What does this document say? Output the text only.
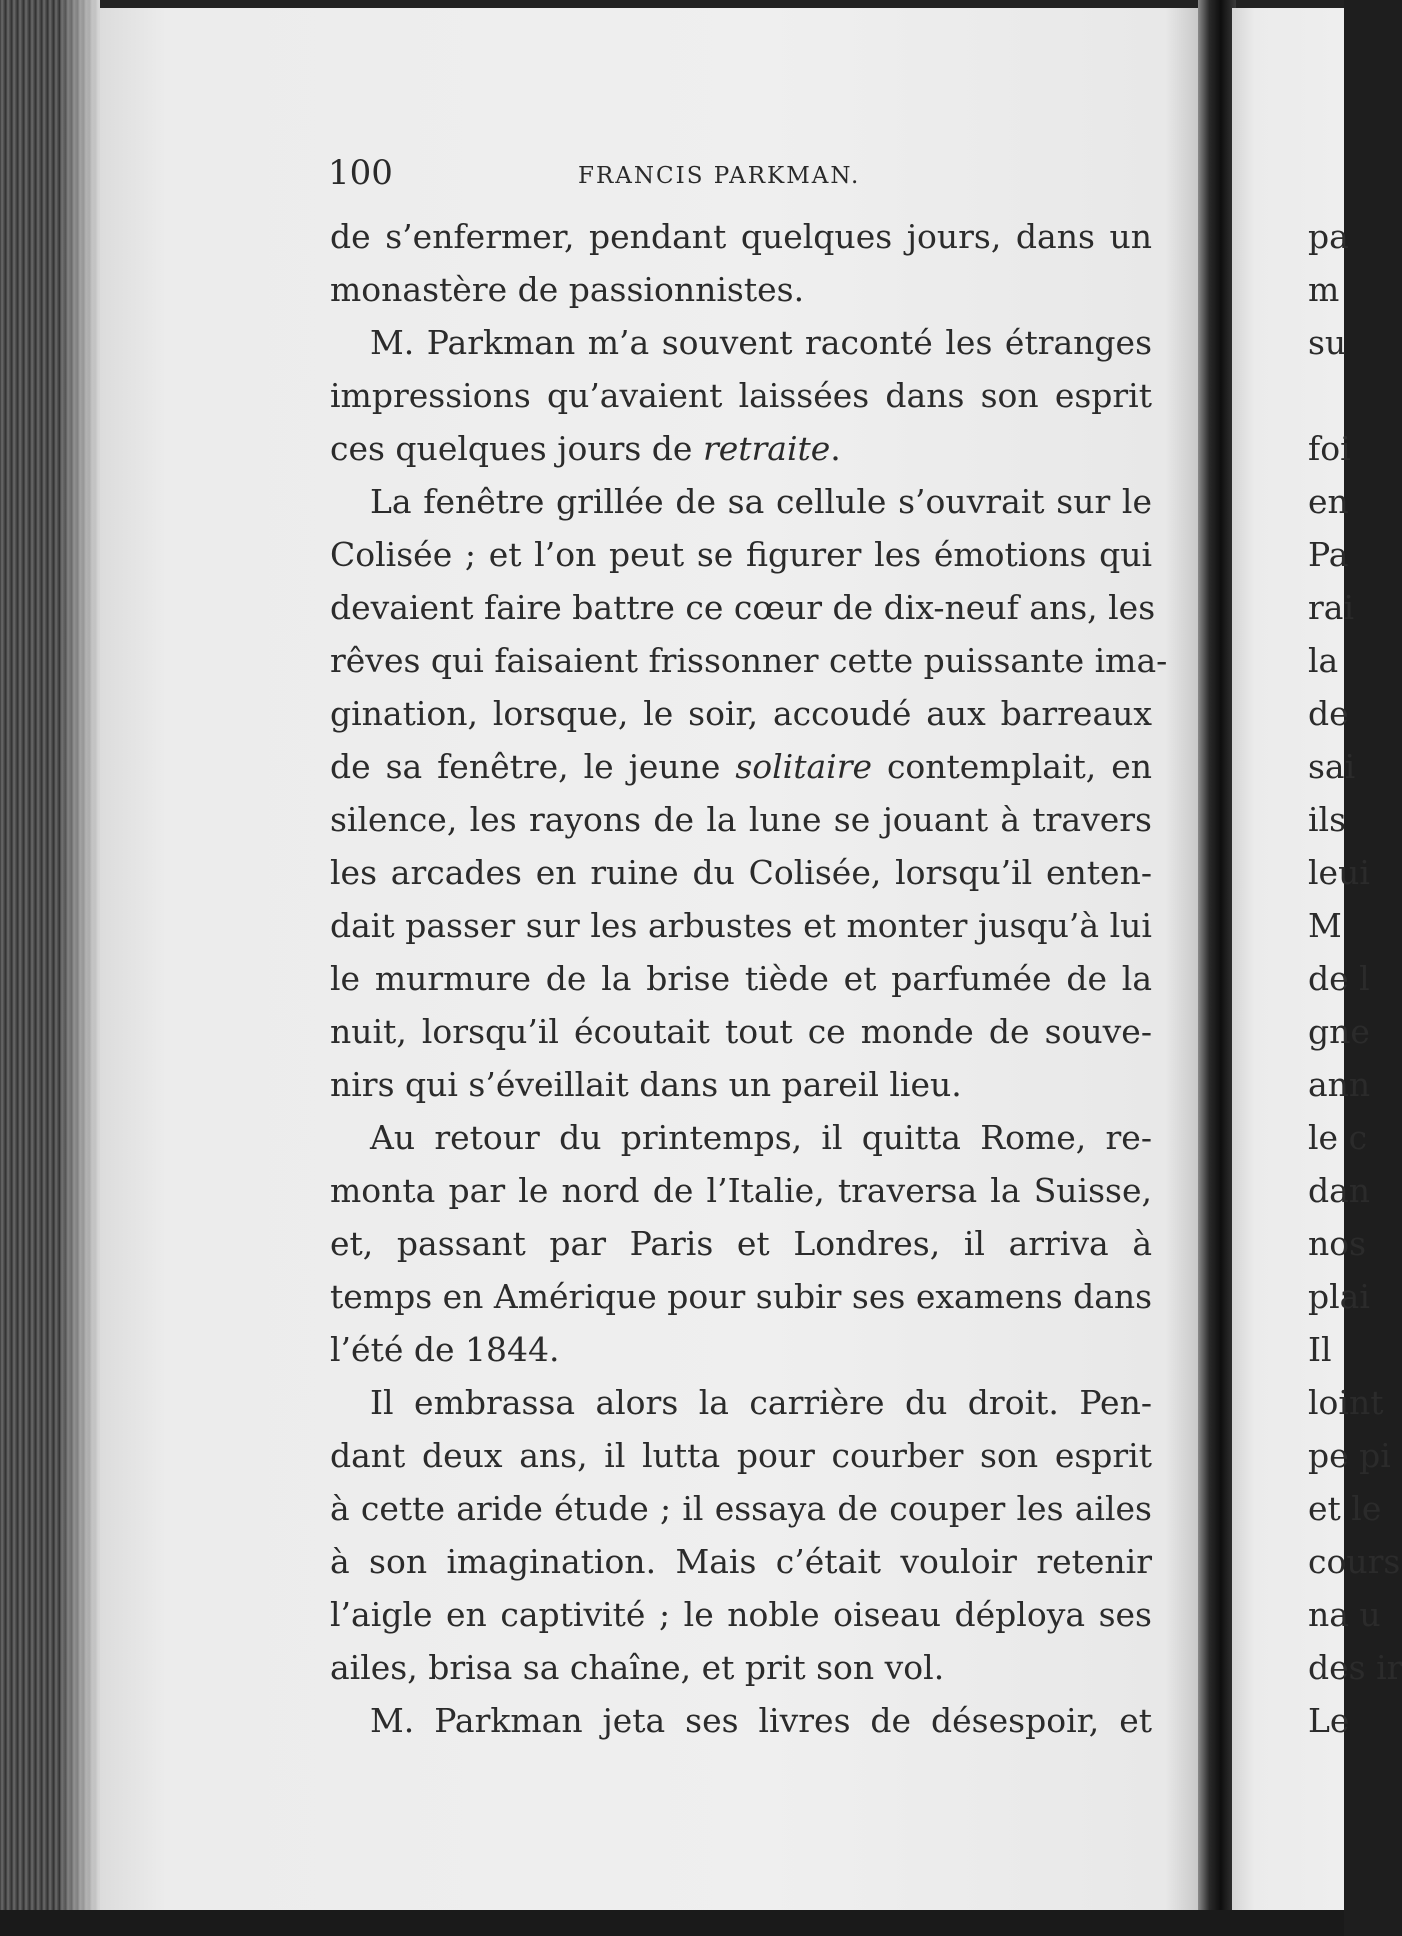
100	FRANCIS PARKMAN.
de s’enfermer, pendant quelques jours, dans un
monastère de passionnistes.
M. Parkman m’a souvent raconté les étranges
impressions qu’avaient laissées dans son esprit
ces quelques jours de retraite.
La fenêtre grillée de sa cellule s’ouvrait sur le
Colisée ; et l’on peut se figurer les émotions qui
devaient faire battre ce cœur de dix-neuf ans, les
rêves qui faisaient frissonner cette puissante ima-
gination, lorsque, le soir, accoudé aux barreaux
de sa fenêtre, le jeune solitaire contemplait, en
silence, les rayons de la lune se jouant à travers
les arcades en ruine du Colisée, lorsqu’il enten-
dait passer sur les arbustes et monter jusqu’à lui
le murmure de la brise tiède et parfumée de la
nuit, lorsqu’il écoutait tout ce monde de souve-
nirs qui s’éveillait dans un pareil lieu.
Au retour du printemps, il quitta Rome, re-
monta par le nord de l’Italie, traversa la Suisse,
et, passant par Paris et Londres, il arriva à
temps en Amérique pour subir ses examens dans
l’été de 1844.
Il embrassa alors la carrière du droit. Pen-
dant deux ans, il lutta pour courber son esprit
à cette aride étude ; il essaya de couper les ailes
à son imagination. Mais c’était vouloir retenir
l’aigle en captivité ; le noble oiseau déploya ses
ailes, brisa sa chaîne, et prit son vol.
M. Parkman jeta ses livres de désespoir, et
pa
m
su
foi
en
Pa
rai
la
de
sai
ils
leui
M
de l
gne
ann
le c
dan
nos
plai
Il
loint
pe pi
et le
cours
na u
des ir
Le
